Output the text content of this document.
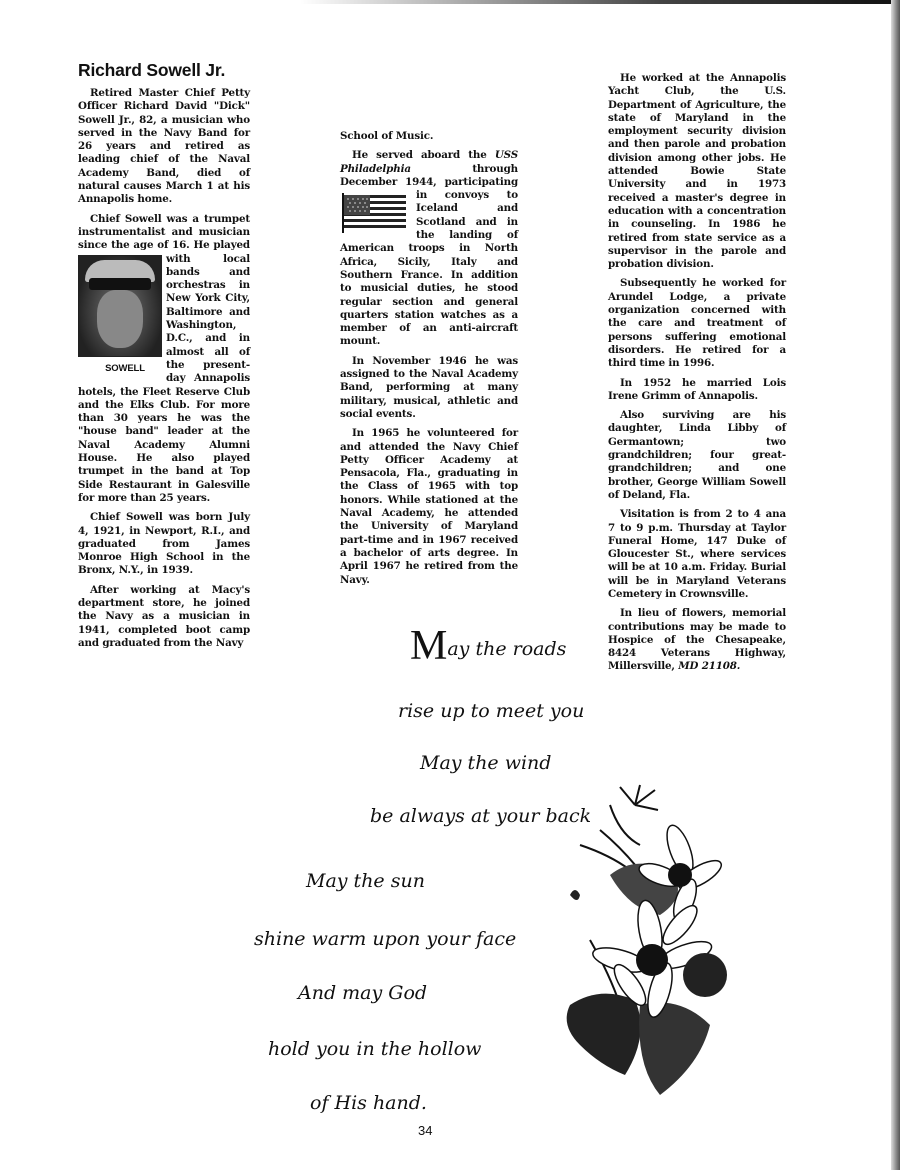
Richard Sowell Jr.

Retired Master Chief Petty Officer Richard David "Dick" Sowell Jr., 82, a musician who served in the Navy Band for 26 years and retired as leading chief of the Naval Academy Band, died of natural causes March 1 at his Annapolis home.

Chief Sowell was a trumpet instrumentalist and musician since the age of 16. He played
SOWELL
with local bands and orchestras in New York City, Baltimore and Washington, D.C., and in almost all of the present-day Annapolis hotels, the Fleet Reserve Club and the Elks Club. For more than 30 years he was the "house band" leader at the Naval Academy Alumni House. He also played trumpet in the band at Top Side Restaurant in Galesville for more than 25 years.

Chief Sowell was born July 4, 1921, in Newport, R.I., and graduated from James Monroe High School in the Bronx, N.Y., in 1939.

After working at Macy's department store, he joined the Navy as a musician in 1941, completed boot camp and graduated from the Navy

School of Music.

He served aboard the USS Philadelphia	through December 1944, participating in convoys to Iceland and Scotland and in the landing of American troops in North Africa, Sicily, Italy and Southern France. In addition to musicial duties, he stood regular section and general quarters station watches as a member of an anti-aircraft mount.

In November 1946 he was assigned to the Naval Academy Band, performing at many military, musical, athletic and social events.

In 1965 he volunteered for and attended the Navy Chief Petty Officer Academy at Pensacola, Fla., graduating in the Class of 1965 with top honors. While stationed at the Naval Academy, he attended the University of Maryland part-time and in 1967 received a bachelor of arts degree. In April 1967 he retired from the Navy.

He worked at the Annapolis Yacht Club, the U.S. Department of Agriculture, the state of Maryland in the employment security division and then parole and probation division among other jobs. He attended Bowie State University and in 1973 received a master's degree in education with a concentration in counseling. In 1986 he retired from state service as a supervisor in the parole and probation division.

Subsequently he worked for Arundel Lodge, a private organization concerned with the care and treatment of persons suffering emotional disorders. He retired for a third time in 1996.

In 1952 he married Lois Irene Grimm of Annapolis.

Also surviving are his daughter, Linda Libby of Germantown; two grandchildren; four great-grandchildren; and one brother, George William Sowell of Deland, Fla.

Visitation is from 2 to 4 ana 7 to 9 p.m. Thursday at Taylor Funeral Home, 147 Duke of Gloucester St., where services will be at 10 a.m. Friday. Burial will be in Maryland Veterans Cemetery in Crownsville.

In lieu of flowers, memorial contributions may be made to Hospice of the Chesapeake, 8424 Veterans Highway, Millersville, MD 21108.

May the roads
rise up to meet you
May the wind
be always at your back
May the sun
shine warm upon your face
And may God
hold you in the hollow
of His hand.
34
